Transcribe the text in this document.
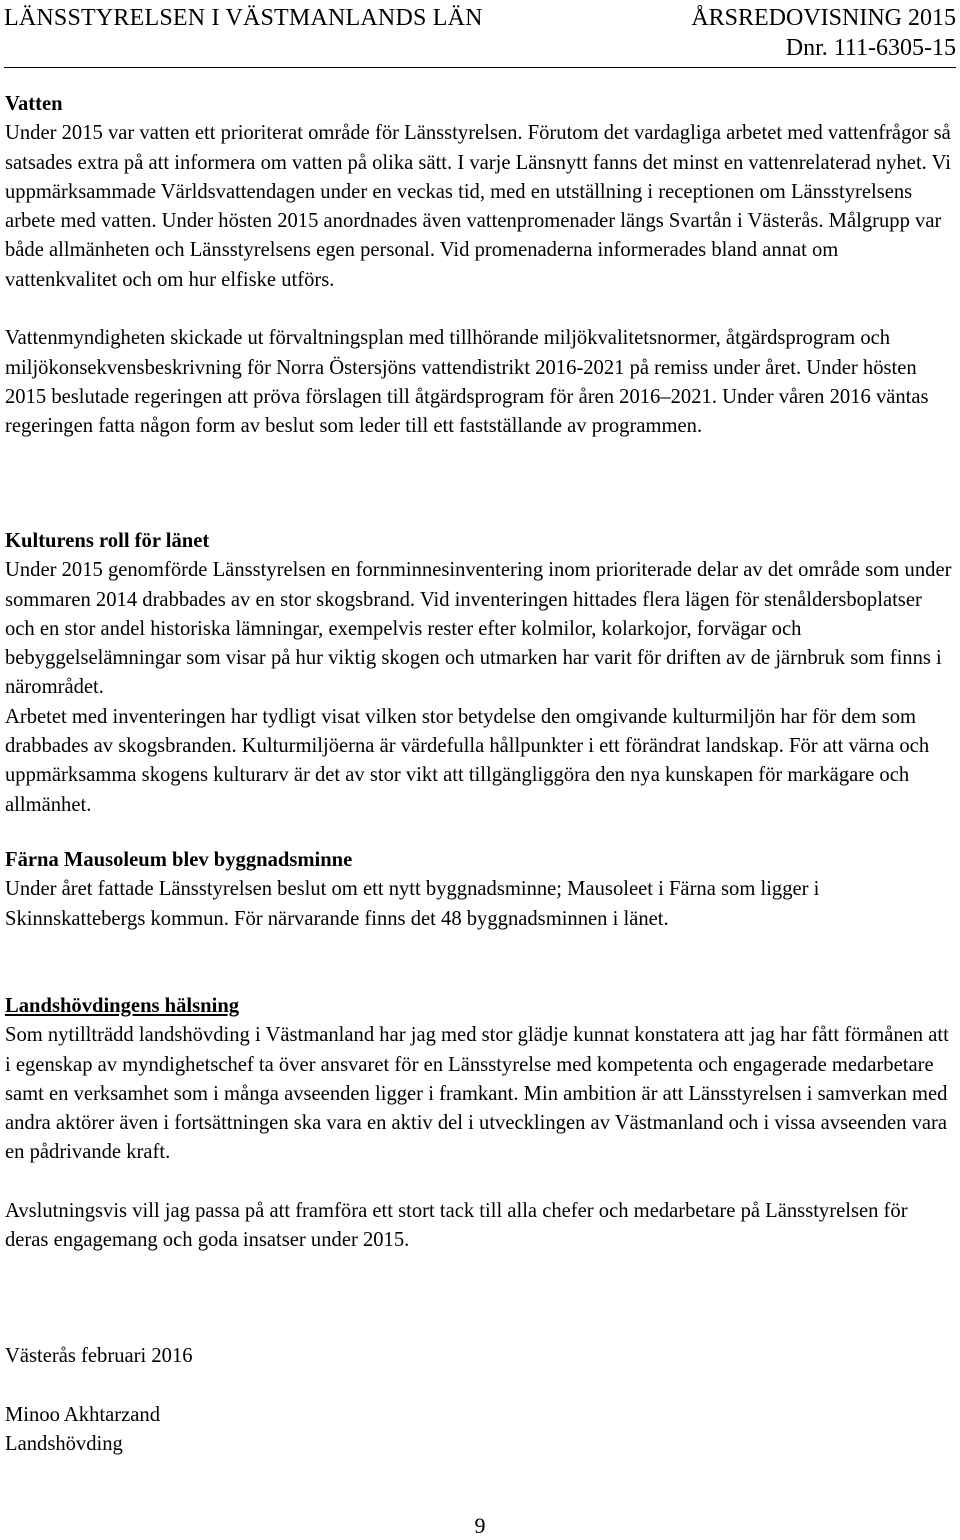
LÄNSSTYRELSEN I VÄSTMANLANDS LÄN	ÅRSREDOVISNING 2015
Dnr. 111-6305-15

Vatten

Under 2015 var vatten ett prioriterat område för Länsstyrelsen. Förutom det vardagliga arbetet med vattenfrågor så satsades extra på att informera om vatten på olika sätt. I varje Länsnytt fanns det minst en vattenrelaterad nyhet. Vi uppmärksammade Världsvattendagen under en veckas tid, med en utställning i receptionen om Länsstyrelsens arbete med vatten. Under hösten 2015 anordnades även vattenpromenader längs Svartån i Västerås. Målgrupp var både allmänheten och Länsstyrelsens egen personal. Vid promenaderna informerades bland annat om vattenkvalitet och om hur elfiske utförs.

Vattenmyndigheten skickade ut förvaltningsplan med tillhörande miljökvalitetsnormer, åtgärdsprogram och miljökonsekvensbeskrivning för Norra Östersjöns vattendistrikt 2016-2021 på remiss under året. Under hösten 2015 beslutade regeringen att pröva förslagen till åtgärdsprogram för åren 2016–2021. Under våren 2016 väntas regeringen fatta någon form av beslut som leder till ett fastställande av programmen.

Kulturens roll för länet

Under 2015 genomförde Länsstyrelsen en fornminnesinventering inom prioriterade delar av det område som under sommaren 2014 drabbades av en stor skogsbrand. Vid inventeringen hittades flera lägen för stenåldersboplatser och en stor andel historiska lämningar, exempelvis rester efter kolmilor, kolarkojor, forvägar och bebyggelselämningar som visar på hur viktig skogen och utmarken har varit för driften av de järnbruk som finns i närområdet.

Arbetet med inventeringen har tydligt visat vilken stor betydelse den omgivande kulturmiljön har för dem som drabbades av skogsbranden. Kulturmiljöerna är värdefulla hållpunkter i ett förändrat landskap. För att värna och uppmärksamma skogens kulturarv är det av stor vikt att tillgängliggöra den nya kunskapen för markägare och allmänhet.

Färna Mausoleum blev byggnadsminne

Under året fattade Länsstyrelsen beslut om ett nytt byggnadsminne; Mausoleet i Färna som ligger i Skinnskattebergs kommun. För närvarande finns det 48 byggnadsminnen i länet.

Landshövdingens hälsning

Som nytillträdd landshövding i Västmanland har jag med stor glädje kunnat konstatera att jag har fått förmånen att i egenskap av myndighetschef ta över ansvaret för en Länsstyrelse med kompetenta och engagerade medarbetare samt en verksamhet som i många avseenden ligger i framkant. Min ambition är att Länsstyrelsen i samverkan med andra aktörer även i fortsättningen ska vara en aktiv del i utvecklingen av Västmanland och i vissa avseenden vara en pådrivande kraft.

Avslutningsvis vill jag passa på att framföra ett stort tack till alla chefer och medarbetare på Länsstyrelsen för deras engagemang och goda insatser under 2015.

Västerås februari 2016

Minoo Akhtarzand

Landshövding

9
